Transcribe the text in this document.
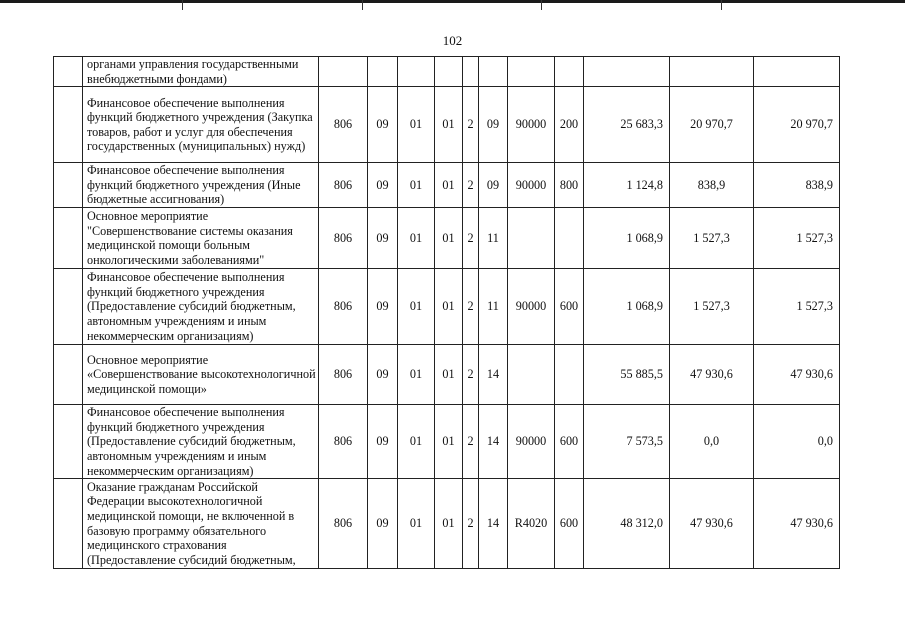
102
	органами управления государственными внебюджетными фондами)											
	Финансовое обеспечение выполнения функций бюджетного учреждения (Закупка товаров, работ и услуг для обеспечения государственных (муниципальных) нужд)	806	09	01	01	2	09	90000	200	25 683,3	20 970,7	20 970,7
	Финансовое обеспечение выполнения функций бюджетного учреждения (Иные бюджетные ассигнования)	806	09	01	01	2	09	90000	800	1 124,8	838,9	838,9
	Основное мероприятие "Совершенствование системы оказания медицинской помощи больным онкологическими заболеваниями"	806	09	01	01	2	11			1 068,9	1 527,3	1 527,3
	Финансовое обеспечение выполнения функций бюджетного учреждения (Предоставление субсидий бюджетным, автономным учреждениям и иным некоммерческим организациям)	806	09	01	01	2	11	90000	600	1 068,9	1 527,3	1 527,3
	Основное мероприятие «Совершенствование высокотехнологичной медицинской помощи»	806	09	01	01	2	14			55 885,5	47 930,6	47 930,6
	Финансовое обеспечение выполнения функций бюджетного учреждения (Предоставление субсидий бюджетным, автономным учреждениям и иным некоммерческим организациям)	806	09	01	01	2	14	90000	600	7 573,5	0,0	0,0
	Оказание гражданам Российской Федерации высокотехнологичной медицинской помощи, не включенной в базовую программу обязательного медицинского страхования (Предоставление субсидий бюджетным,	806	09	01	01	2	14	R4020	600	48 312,0	47 930,6	47 930,6
